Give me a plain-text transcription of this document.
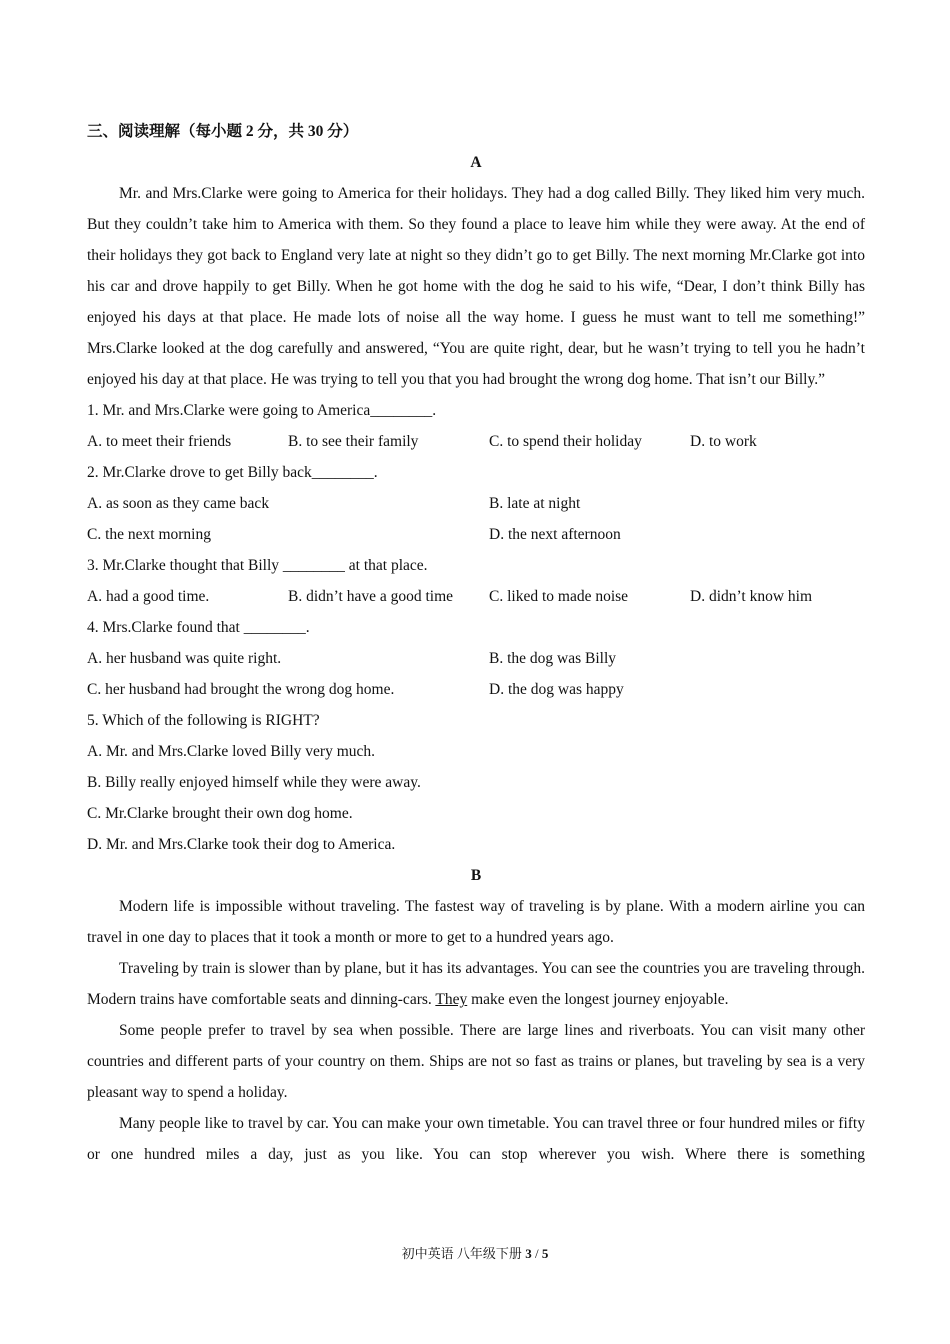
三、阅读理解（每小题 2 分，共 30 分）
A

Mr. and Mrs.Clarke were going to America for their holidays. They had a dog called Billy. They liked him very much. But they couldn’t take him to America with them. So they found a place to leave him while they were away. At the end of their holidays they got back to England very late at night so they didn’t go to get Billy. The next morning Mr.Clarke got into his car and drove happily to get Billy. When he got home with the dog he said to his wife, “Dear, I don’t think Billy has enjoyed his days at that place. He made lots of noise all the way home. I guess he must want to tell me something!” Mrs.Clarke looked at the dog carefully and answered, “You are quite right, dear, but he wasn’t trying to tell you he hadn’t enjoyed his day at that place. He was trying to tell you that you had brought the wrong dog home. That isn’t our Billy.”

1. Mr. and Mrs.Clarke were going to America________.
A. to meet their friends	B. to see their family	C. to spend their holiday	D. to work
2. Mr.Clarke drove to get Billy back________.
A. as soon as they came back	B. late at night
C. the next morning	D. the next afternoon
3. Mr.Clarke thought that Billy ________ at that place.
A. had a good time.	B. didn’t have a good time	C. liked to made noise	D. didn’t know him
4. Mrs.Clarke found that ________.
A. her husband was quite right.	B. the dog was Billy
C. her husband had brought the wrong dog home.	D. the dog was happy
5. Which of the following is RIGHT?
A. Mr. and Mrs.Clarke loved Billy very much.
B. Billy really enjoyed himself while they were away.
C. Mr.Clarke brought their own dog home.
D. Mr. and Mrs.Clarke took their dog to America.
B

Modern life is impossible without traveling. The fastest way of traveling is by plane. With a modern airline you can travel in one day to places that it took a month or more to get to a hundred years ago.

Traveling by train is slower than by plane, but it has its advantages. You can see the countries you are traveling through. Modern trains have comfortable seats and dinning-cars. They make even the longest journey enjoyable.

Some people prefer to travel by sea when possible. There are large lines and riverboats. You can visit many other countries and different parts of your country on them. Ships are not so fast as trains or planes, but traveling by sea is a very pleasant way to spend a holiday.

Many people like to travel by car. You can make your own timetable. You can travel three or four hundred miles or fifty or one hundred miles a day, just as you like. You can stop wherever you wish. Where there is something

初中英语 八年级下册 3 / 5
